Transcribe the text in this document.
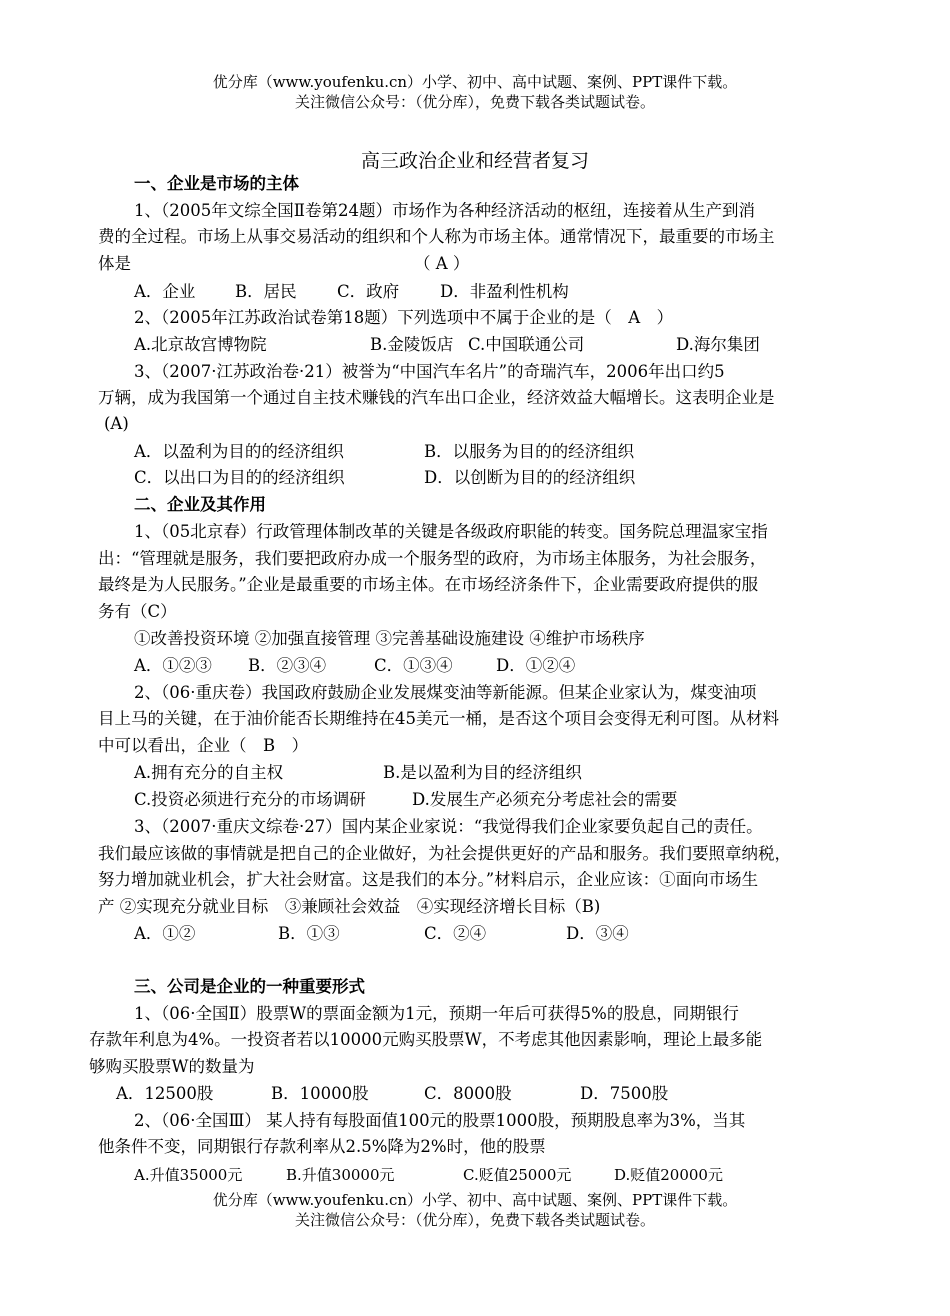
优分库（www.youfenku.cn）小学、初中、高中试题、案例、PPT课件下载。
关注微信公众号：（优分库），免费下载各类试题试卷。
高三政治企业和经营者复习
一、企业是市场的主体
1、（2005年文综全国Ⅱ卷第24题）市场作为各种经济活动的枢纽，连接着从生产到消
费的全过程。市场上从事交易活动的组织和个人称为市场主体。通常情况下，最重要的市场主
体是	（ A ）
A．企业 B．居民 C．政府 D．非盈利性机构
2、（2005年江苏政治试卷第18题）下列选项中不属于企业的是（　A　）
A.北京故宫博物院	B.金陵饭店 C.中国联通公司	D.海尔集团
3、（2007·江苏政治卷·21）被誉为“中国汽车名片”的奇瑞汽车，2006年出口约5
万辆，成为我国第一个通过自主技术赚钱的汽车出口企业，经济效益大幅增长。这表明企业是
(A)
A．以盈利为目的的经济组织	B．以服务为目的的经济组织
C．以出口为目的的经济组织	D．以创断为目的的经济组织
二、企业及其作用
1、（05北京春）行政管理体制改革的关键是各级政府职能的转变。国务院总理温家宝指
出：“管理就是服务，我们要把政府办成一个服务型的政府，为市场主体服务，为社会服务，
最终是为人民服务。”企业是最重要的市场主体。在市场经济条件下，企业需要政府提供的服
务有（C）
①改善投资环境 ②加强直接管理 ③完善基础设施建设 ④维护市场秩序
A．①②③ B．②③④	C．①③④	D．①②④
2、（06·重庆卷）我国政府鼓励企业发展煤变油等新能源。但某企业家认为，煤变油项
目上马的关键，在于油价能否长期维持在45美元一桶，是否这个项目会变得无利可图。从材料
中可以看出，企业（　B　）
A.拥有充分的自主权	B.是以盈利为目的经济组织
C.投资必须进行充分的市场调研	D.发展生产必须充分考虑社会的需要
3、（2007·重庆文综卷·27）国内某企业家说：“我觉得我们企业家要负起自己的责任。
我们最应该做的事情就是把自己的企业做好，为社会提供更好的产品和服务。我们要照章纳税，
努力增加就业机会，扩大社会财富。这是我们的本分。”材料启示，企业应该：①面向市场生
产 ②实现充分就业目标　③兼顾社会效益　④实现经济增长目标（B)
A．①②	B．①③	C．②④	D．③④
三、公司是企业的一种重要形式
1、（06·全国Ⅱ）股票W的票面金额为1元，预期一年后可获得5%的股息，同期银行
存款年利息为4%。一投资者若以10000元购买股票W，不考虑其他因素影响，理论上最多能
够购买股票W的数量为
A．12500股	B．10000股	C．8000股	D．7500股
2、（06·全国Ⅲ） 某人持有每股面值100元的股票1000股，预期股息率为3%，当其
他条件不变，同期银行存款利率从2.5%降为2%时，他的股票
A.升值35000元	B.升值30000元	C.贬值25000元	D.贬值20000元
优分库（www.youfenku.cn）小学、初中、高中试题、案例、PPT课件下载。
关注微信公众号：（优分库），免费下载各类试题试卷。
